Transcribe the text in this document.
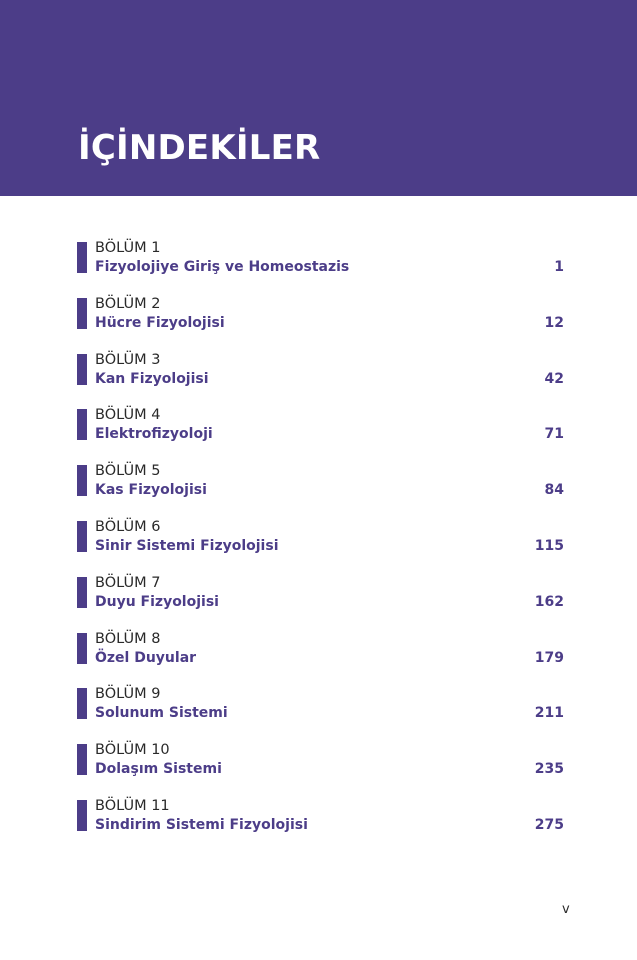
İÇİNDEKİLER

BÖLÜM 1

Fizyolojiye Giriş ve Homeostazis	1

BÖLÜM 2

Hücre Fizyolojisi	12

BÖLÜM 3

Kan Fizyolojisi	42

BÖLÜM 4

Elektrofizyoloji	71

BÖLÜM 5

Kas Fizyolojisi	84

BÖLÜM 6

Sinir Sistemi Fizyolojisi	115

BÖLÜM 7

Duyu Fizyolojisi	162

BÖLÜM 8

Özel Duyular	179

BÖLÜM 9

Solunum Sistemi	211

BÖLÜM 10

Dolaşım Sistemi	235

BÖLÜM 11

Sindirim Sistemi Fizyolojisi	275

v
